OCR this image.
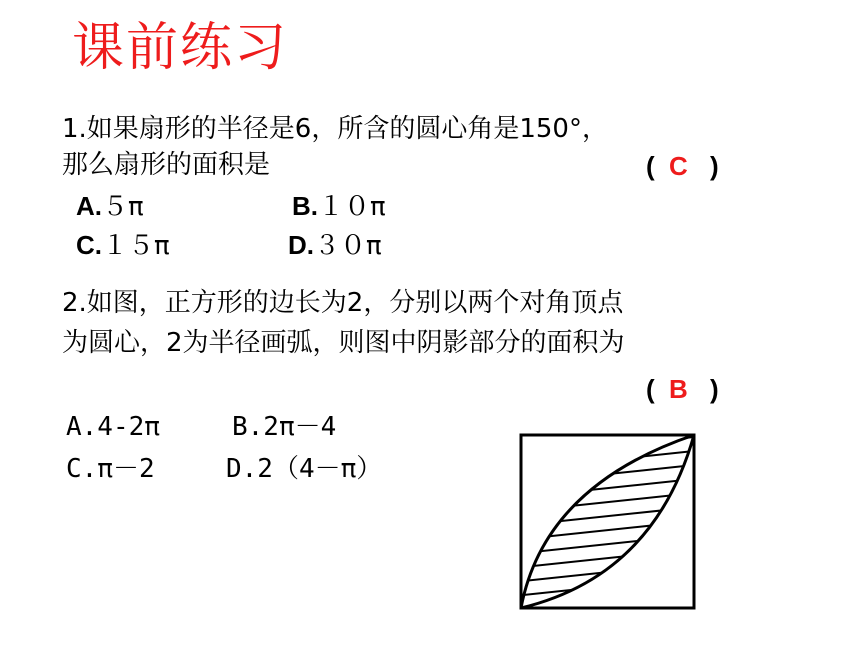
课前练习
1.如果扇形的半径是6，所含的圆心角是150°，
那么扇形的面积是	( C )
A.５π	B.１０π
C.１５π	D.３０π
2.如图，正方形的边长为2，分别以两个对角顶点
为圆心，2为半径画弧，则图中阴影部分的面积为
( B )
A.4-2π	B.2π－4
C.π－2	D.2（4－π）
